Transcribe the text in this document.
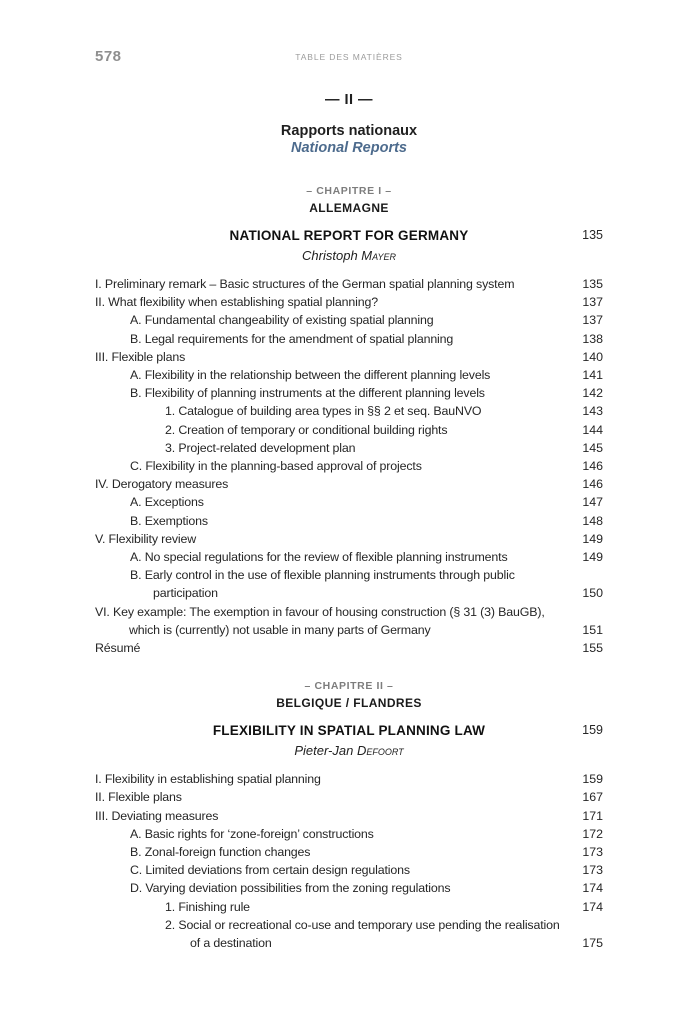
578	TABLE DES MATIÈRES
— II —
Rapports nationaux
National Reports
– CHAPITRE I –
ALLEMAGNE
NATIONAL REPORT FOR GERMANY	135
Christoph Mayer
I. Preliminary remark – Basic structures of the German spatial planning system	135
II. What flexibility when establishing spatial planning?	137
A. Fundamental changeability of existing spatial planning	137
B. Legal requirements for the amendment of spatial planning	138
III. Flexible plans	140
A. Flexibility in the relationship between the different planning levels	141
B. Flexibility of planning instruments at the different planning levels	142
1. Catalogue of building area types in §§ 2 et seq. BauNVO	143
2. Creation of temporary or conditional building rights	144
3. Project-related development plan	145
C. Flexibility in the planning-based approval of projects	146
IV. Derogatory measures	146
A. Exceptions	147
B. Exemptions	148
V. Flexibility review	149
A. No special regulations for the review of flexible planning instruments	149
B. Early control in the use of flexible planning instruments through public
participation	150
VI. Key example: The exemption in favour of housing construction (§ 31 (3) BauGB),
which is (currently) not usable in many parts of Germany	151
Résumé	155
– CHAPITRE II –
BELGIQUE / FLANDRES
FLEXIBILITY IN SPATIAL PLANNING LAW	159
Pieter-Jan Defoort
I. Flexibility in establishing spatial planning	159
II. Flexible plans	167
III. Deviating measures	171
A. Basic rights for ‘zone-foreign’ constructions	172
B. Zonal-foreign function changes	173
C. Limited deviations from certain design regulations	173
D. Varying deviation possibilities from the zoning regulations	174
1. Finishing rule	174
2. Social or recreational co-use and temporary use pending the realisation
of a destination	175
